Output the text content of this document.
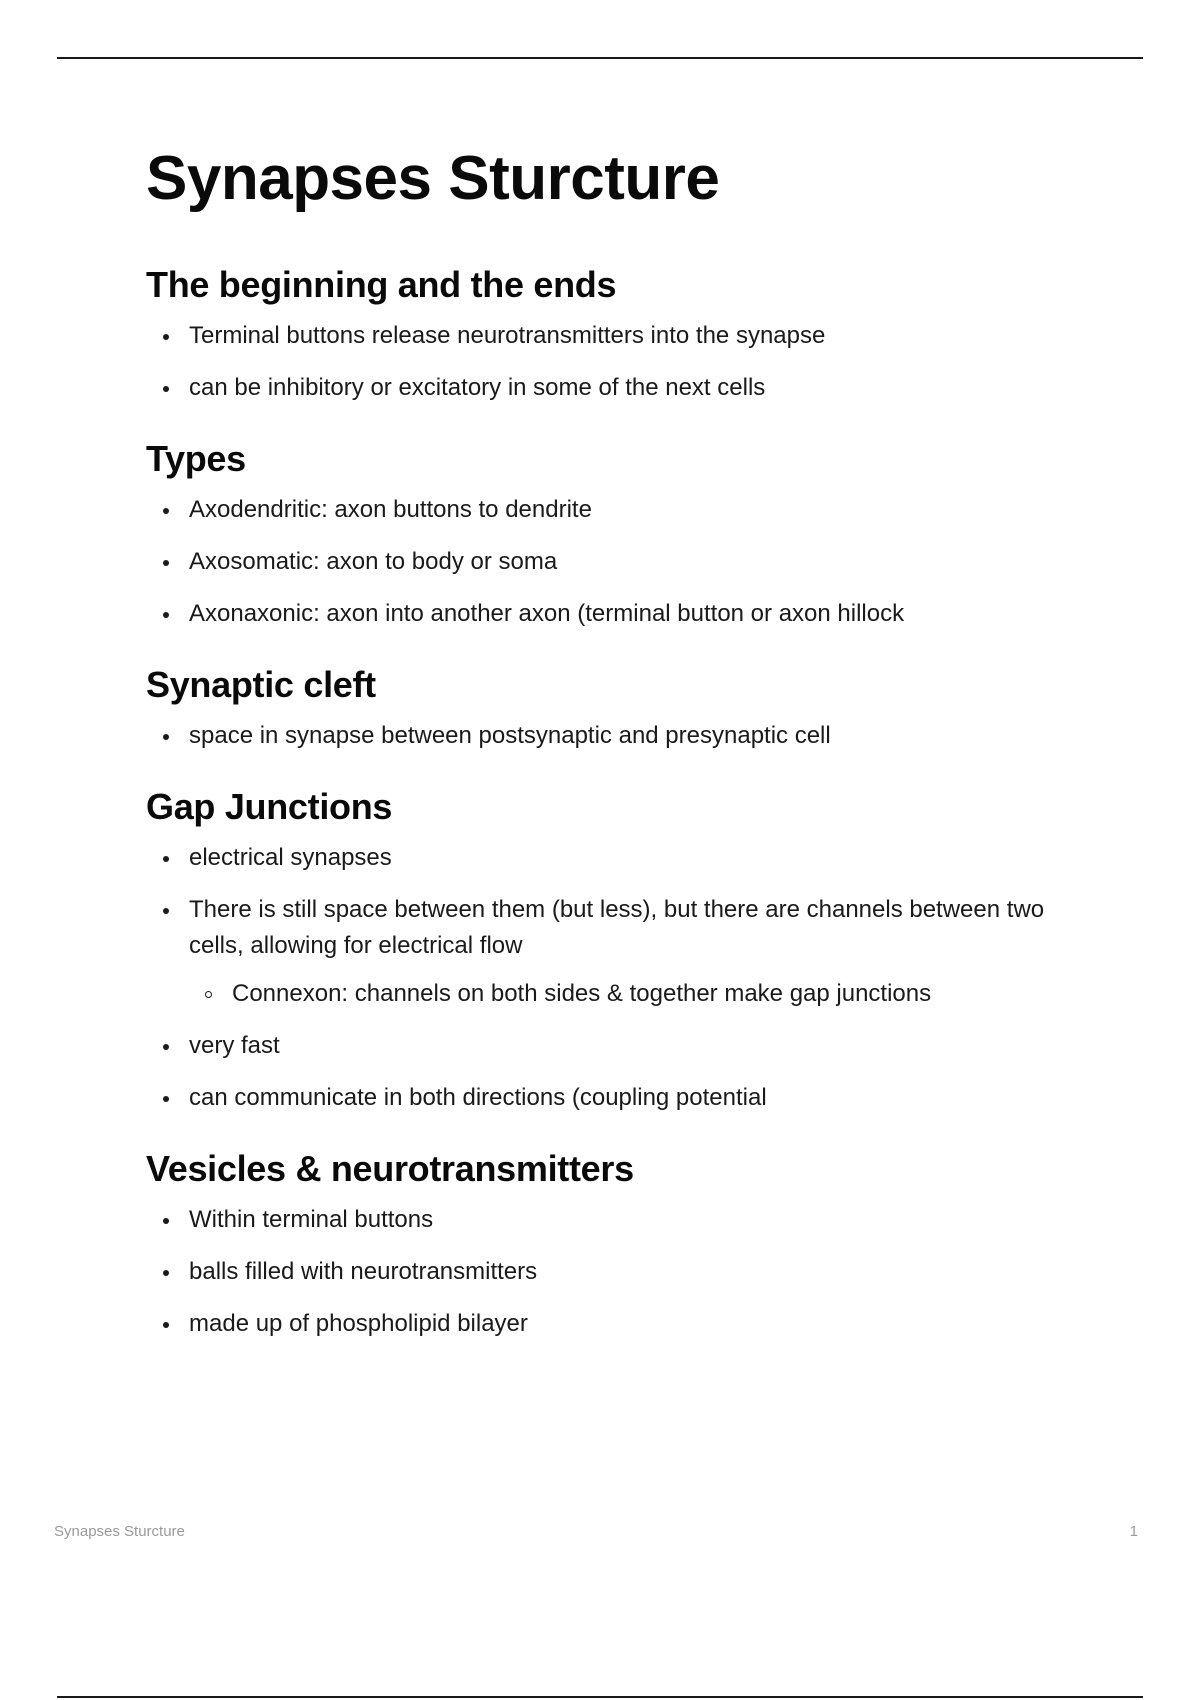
Synapses Sturcture
The beginning and the ends
Terminal buttons release neurotransmitters into the synapse
can be inhibitory or excitatory in some of the next cells
Types
Axodendritic: axon buttons to dendrite
Axosomatic: axon to body or soma
Axonaxonic: axon into another axon (terminal button or axon hillock
Synaptic cleft
space in synapse between postsynaptic and presynaptic cell
Gap Junctions
electrical synapses
There is still space between them (but less), but there are channels between two cells, allowing for electrical flow
Connexon: channels on both sides & together make gap junctions
very fast
can communicate in both directions (coupling potential
Vesicles & neurotransmitters
Within terminal buttons
balls filled with neurotransmitters
made up of phospholipid bilayer
Synapses Sturcture	1
